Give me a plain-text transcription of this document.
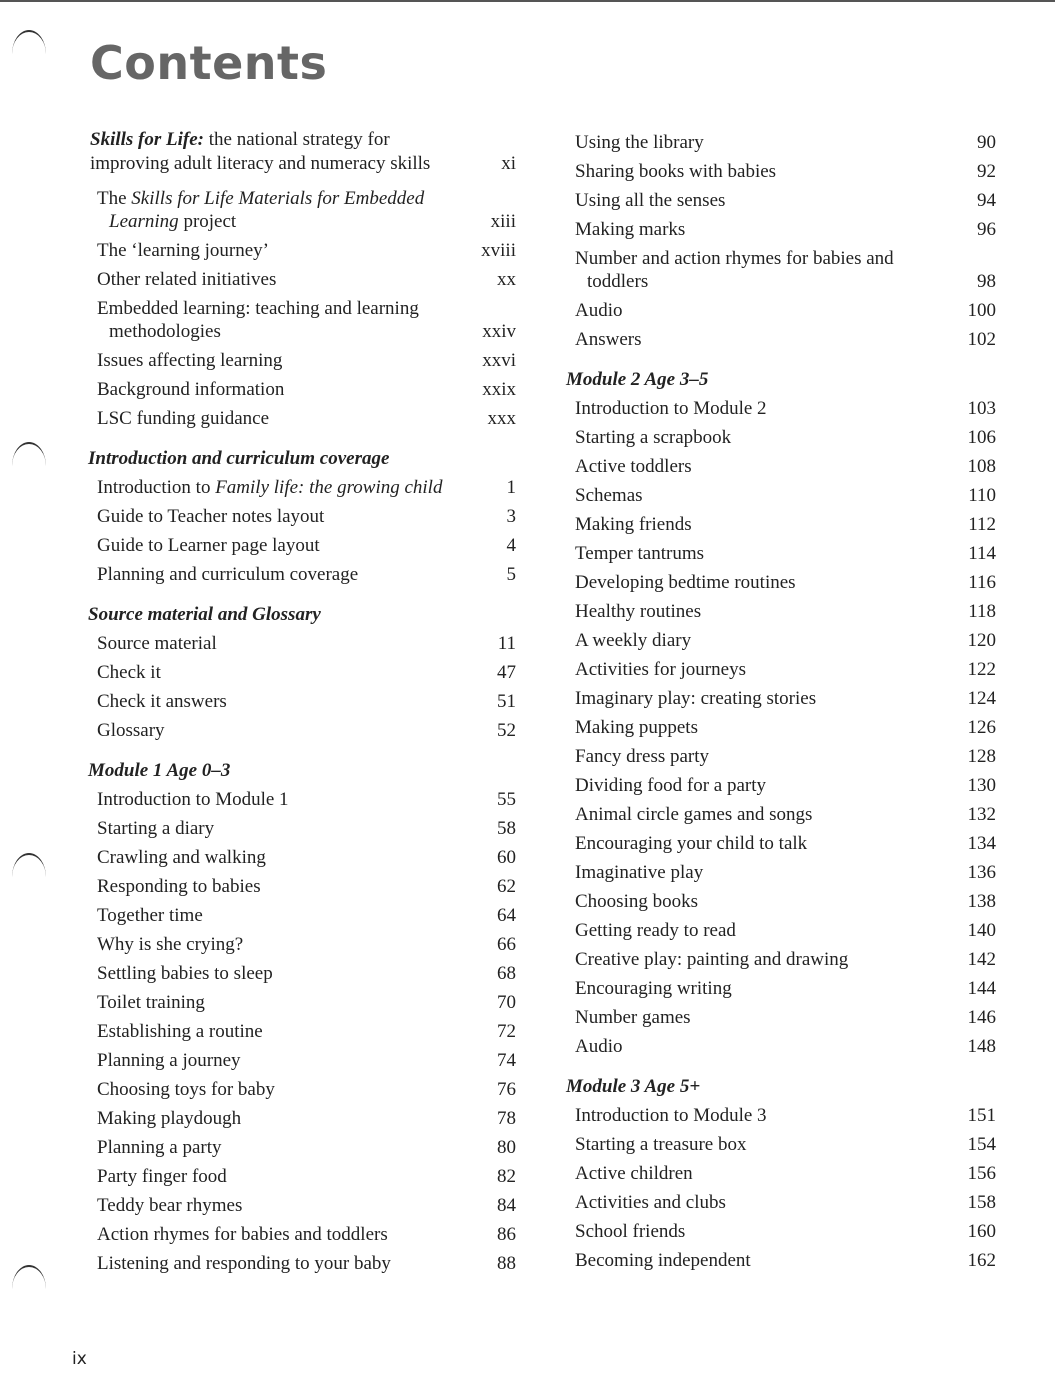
Contents
Skills for Life: the national strategy for improving adult literacy and numeracy skills	xi
The Skills for Life Materials for Embedded Learning project	xiii
The ‘learning journey’	xviii
Other related initiatives	xx
Embedded learning: teaching and learning methodologies	xxiv
Issues affecting learning	xxvi
Background information	xxix
LSC funding guidance	xxx
Introduction and curriculum coverage
Introduction to Family life: the growing child	1
Guide to Teacher notes layout	3
Guide to Learner page layout	4
Planning and curriculum coverage	5
Source material and Glossary
Source material	11
Check it	47
Check it answers	51
Glossary	52
Module 1 Age 0–3
Introduction to Module 1	55
Starting a diary	58
Crawling and walking	60
Responding to babies	62
Together time	64
Why is she crying?	66
Settling babies to sleep	68
Toilet training	70
Establishing a routine	72
Planning a journey	74
Choosing toys for baby	76
Making playdough	78
Planning a party	80
Party finger food	82
Teddy bear rhymes	84
Action rhymes for babies and toddlers	86
Listening and responding to your baby	88
Using the library	90
Sharing books with babies	92
Using all the senses	94
Making marks	96
Number and action rhymes for babies and toddlers	98
Audio	100
Answers	102
Module 2 Age 3–5
Introduction to Module 2	103
Starting a scrapbook	106
Active toddlers	108
Schemas	110
Making friends	112
Temper tantrums	114
Developing bedtime routines	116
Healthy routines	118
A weekly diary	120
Activities for journeys	122
Imaginary play: creating stories	124
Making puppets	126
Fancy dress party	128
Dividing food for a party	130
Animal circle games and songs	132
Encouraging your child to talk	134
Imaginative play	136
Choosing books	138
Getting ready to read	140
Creative play: painting and drawing	142
Encouraging writing	144
Number games	146
Audio	148
Module 3 Age 5+
Introduction to Module 3	151
Starting a treasure box	154
Active children	156
Activities and clubs	158
School friends	160
Becoming independent	162
ix
